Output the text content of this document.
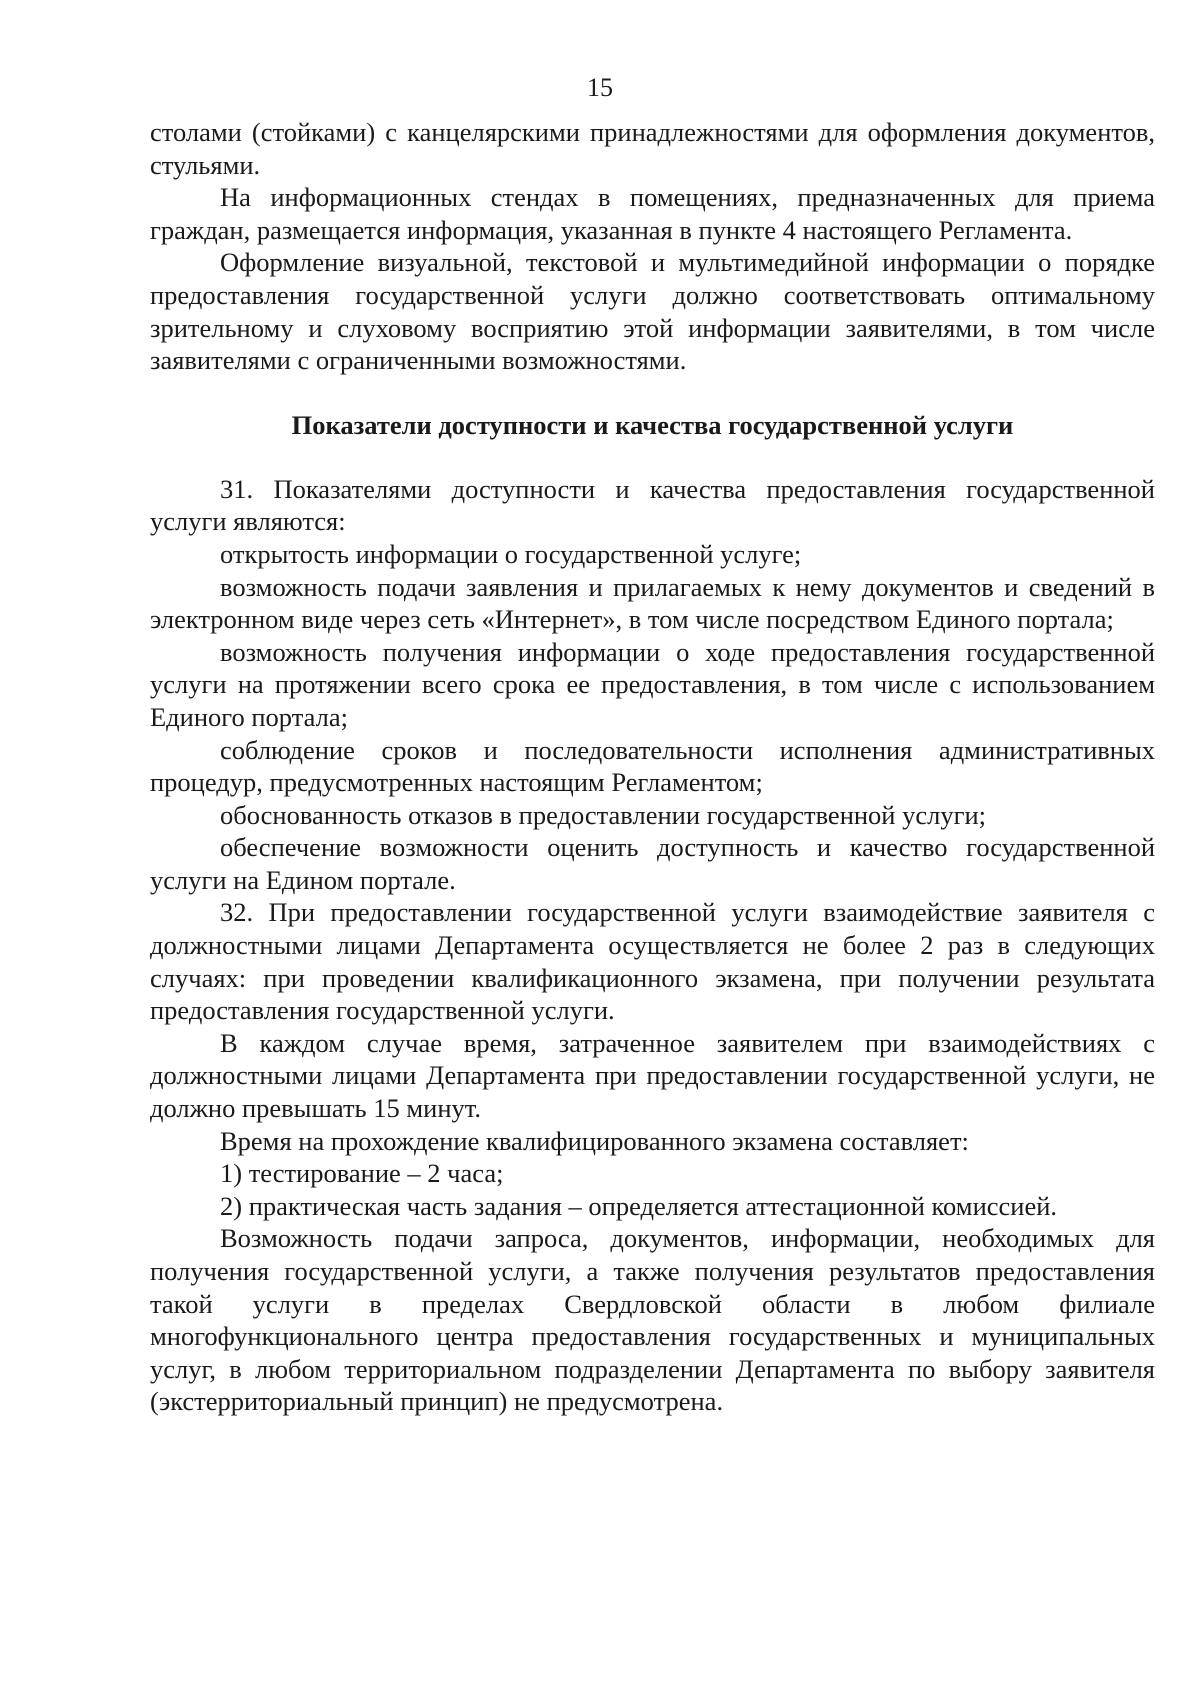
15

столами (стойками) с канцелярскими принадлежностями для оформления документов, стульями.

На информационных стендах в помещениях, предназначенных для приема граждан, размещается информация, указанная в пункте 4 настоящего Регламента.

Оформление визуальной, текстовой и мультимедийной информации о порядке предоставления государственной услуги должно соответствовать оптимальному зрительному и слуховому восприятию этой информации заявителями, в том числе заявителями с ограниченными возможностями.

Показатели доступности и качества государственной услуги

31. Показателями доступности и качества предоставления государственной услуги являются:

открытость информации о государственной услуге;

возможность подачи заявления и прилагаемых к нему документов и сведений в электронном виде через сеть «Интернет», в том числе посредством Единого портала;

возможность получения информации о ходе предоставления государственной услуги на протяжении всего срока ее предоставления, в том числе с использованием Единого портала;

соблюдение сроков и последовательности исполнения административных процедур, предусмотренных настоящим Регламентом;

обоснованность отказов в предоставлении государственной услуги;

обеспечение возможности оценить доступность и качество государственной услуги на Едином портале.

32. При предоставлении государственной услуги взаимодействие заявителя с должностными лицами Департамента осуществляется не более 2 раз в следующих случаях: при проведении квалификационного экзамена, при получении результата предоставления государственной услуги.

В каждом случае время, затраченное заявителем при взаимодействиях с должностными лицами Департамента при предоставлении государственной услуги, не должно превышать 15 минут.

Время на прохождение квалифицированного экзамена составляет:

1) тестирование – 2 часа;

2) практическая часть задания – определяется аттестационной комиссией.

Возможность подачи запроса, документов, информации, необходимых для получения государственной услуги, а также получения результатов предоставления такой услуги в пределах Свердловской области в любом филиале многофункционального центра предоставления государственных и муниципальных услуг, в любом территориальном подразделении Департамента по выбору заявителя (экстерриториальный принцип) не предусмотрена.
